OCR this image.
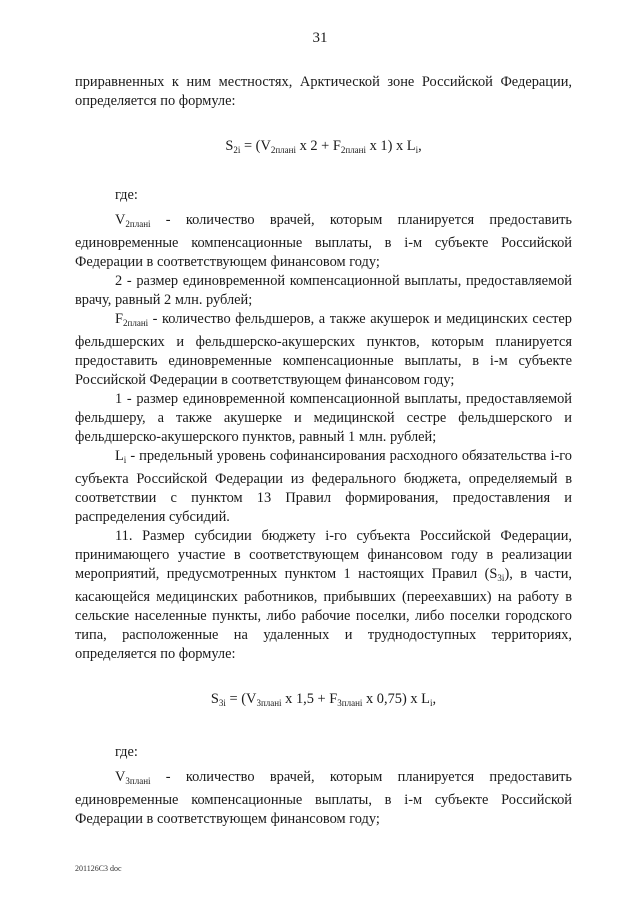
31

приравненных к ним местностях, Арктической зоне Российской Федерации, определяется по формуле:

$S_{2i} = (V_{2планi}$ x $2 + F_{2планi}$ x 1) x $L_i$,

где:

$V_{2планi}$ - количество врачей, которым планируется предоставить единовременные компенсационные выплаты, в i-м субъекте Российской Федерации в соответствующем финансовом году;

2 - размер единовременной компенсационной выплаты, предоставляемой врачу, равный 2 млн. рублей;

$F_{2планi}$ - количество фельдшеров, а также акушерок и медицинских сестер фельдшерских и фельдшерско-акушерских пунктов, которым планируется предоставить единовременные компенсационные выплаты, в i-м субъекте Российской Федерации в соответствующем финансовом году;

1 - размер единовременной компенсационной выплаты, предоставляемой фельдшеру, а также акушерке и медицинской сестре фельдшерского и фельдшерско-акушерского пунктов, равный 1 млн. рублей;

$L_i$ - предельный уровень софинансирования расходного обязательства i-го субъекта Российской Федерации из федерального бюджета, определяемый в соответствии с пунктом 13 Правил формирования, предоставления и распределения субсидий.

11. Размер субсидии бюджету i-го субъекта Российской Федерации, принимающего участие в соответствующем финансовом году в реализации мероприятий, предусмотренных пунктом 1 настоящих Правил $(S_{3i})$, в части, касающейся медицинских работников, прибывших (переехавших) на работу в сельские населенные пункты, либо рабочие поселки, либо поселки городского типа, расположенные на удаленных и труднодоступных территориях, определяется по формуле:

$S_{3i} = (V_{3планi}$ x $1,5 + F_{3планi}$ x 0,75) x $L_i$,

где:

$V_{3планi}$ - количество врачей, которым планируется предоставить единовременные компенсационные выплаты, в i-м субъекте Российской Федерации в соответствующем финансовом году;

201126С3 doc
